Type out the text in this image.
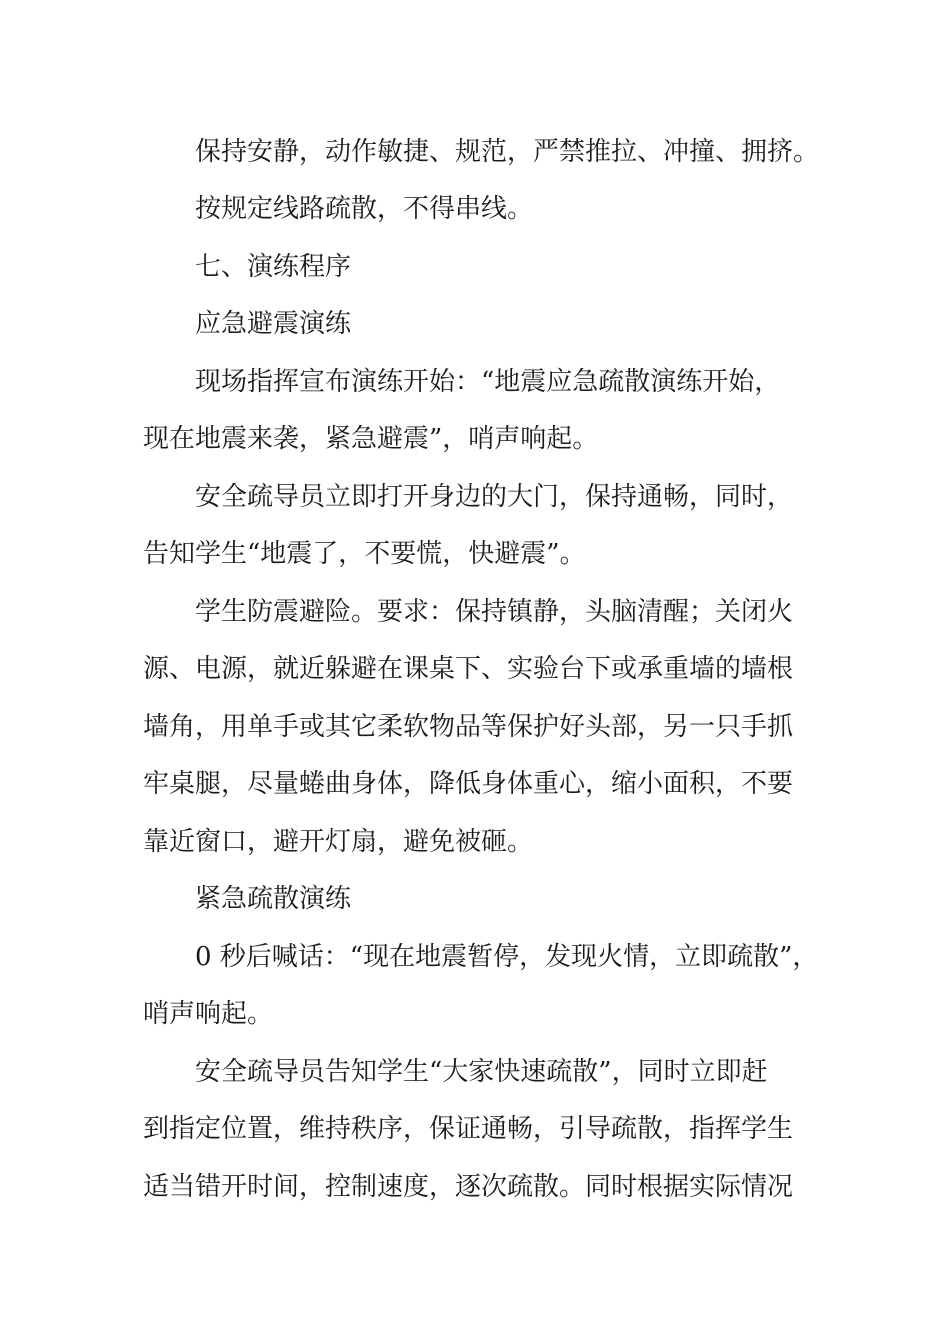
保持安静，动作敏捷、规范，严禁推拉、冲撞、拥挤。

按规定线路疏散，不得串线。

七、演练程序

应急避震演练

现场指挥宣布演练开始：“地震应急疏散演练开始，

现在地震来袭，紧急避震”，哨声响起。

安全疏导员立即打开身边的大门，保持通畅，同时，

告知学生“地震了，不要慌，快避震”。

学生防震避险。要求：保持镇静，头脑清醒；关闭火

源、电源，就近躲避在课桌下、实验台下或承重墙的墙根

墙角，用单手或其它柔软物品等保护好头部，另一只手抓

牢桌腿，尽量蜷曲身体，降低身体重心，缩小面积，不要

靠近窗口，避开灯扇，避免被砸。

紧急疏散演练

0 秒后喊话：“现在地震暂停，发现火情，立即疏散”，

哨声响起。

安全疏导员告知学生“大家快速疏散”，同时立即赶

到指定位置，维持秩序，保证通畅，引导疏散，指挥学生

适当错开时间，控制速度，逐次疏散。同时根据实际情况
